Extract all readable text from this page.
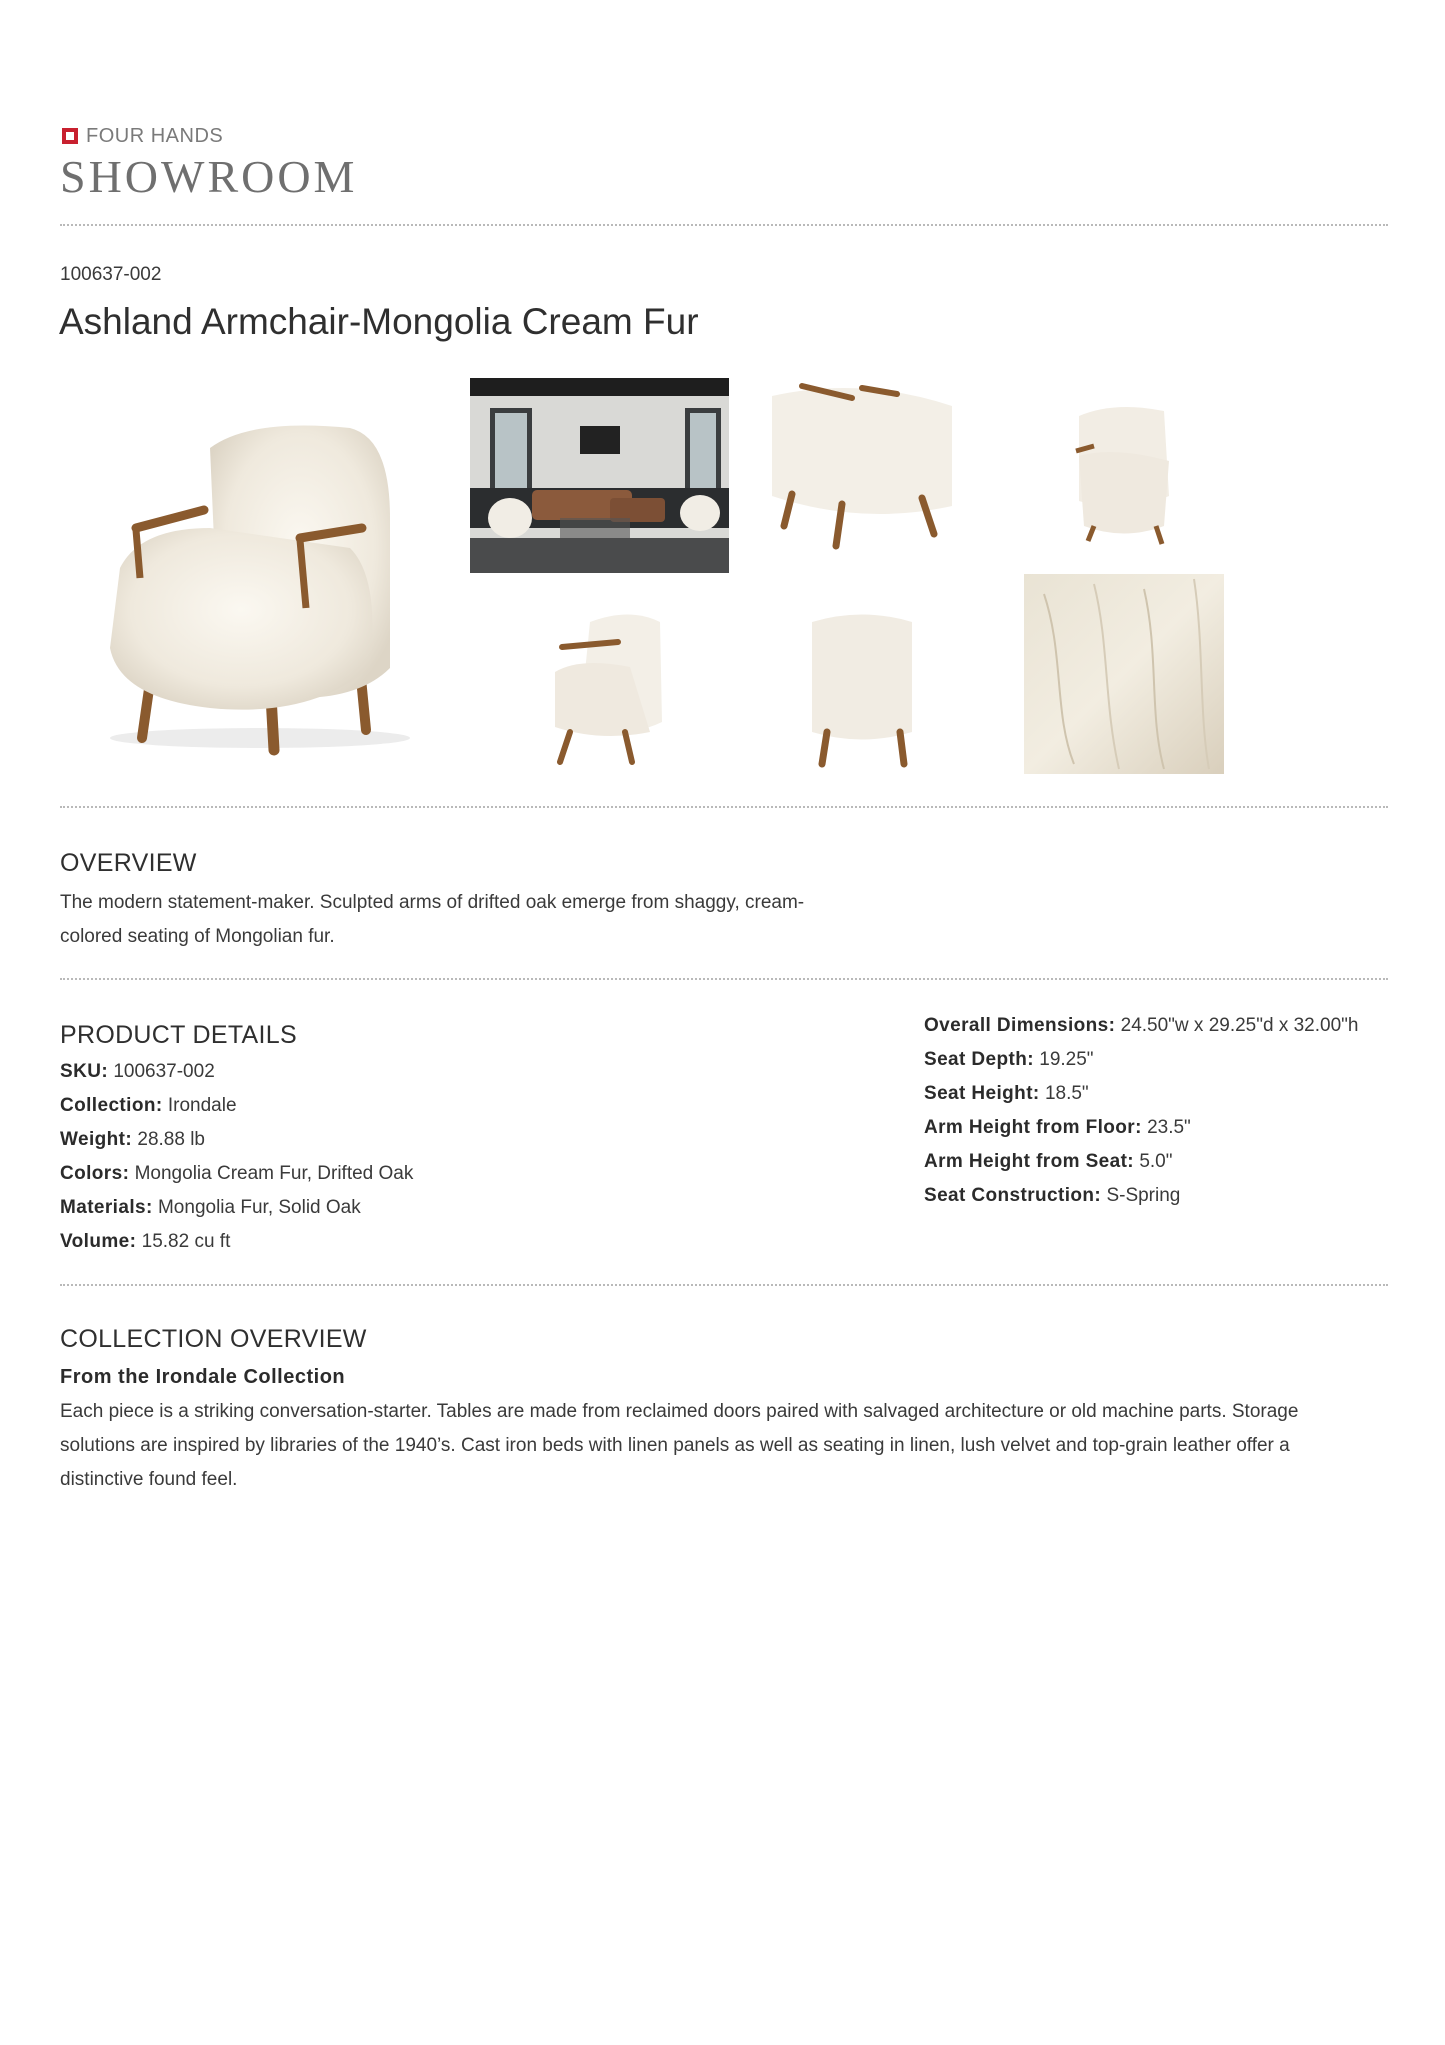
FOUR HANDS
SHOWROOM
100637-002
Ashland Armchair-Mongolia Cream Fur
OVERVIEW
The modern statement-maker. Sculpted arms of drifted oak emerge from shaggy, cream-
colored seating of Mongolian fur.
PRODUCT DETAILS
SKU: 100637-002
Collection: Irondale
Weight: 28.88 lb
Colors: Mongolia Cream Fur, Drifted Oak
Materials: Mongolia Fur, Solid Oak
Volume: 15.82 cu ft
Overall Dimensions: 24.50"w x 29.25"d x 32.00"h
Seat Depth: 19.25"
Seat Height: 18.5"
Arm Height from Floor: 23.5"
Arm Height from Seat: 5.0"
Seat Construction: S-Spring
COLLECTION OVERVIEW
From the Irondale Collection
Each piece is a striking conversation-starter. Tables are made from reclaimed doors paired with salvaged architecture or old machine parts. Storage
solutions are inspired by libraries of the 1940’s. Cast iron beds with linen panels as well as seating in linen, lush velvet and top-grain leather offer a
distinctive found feel.
